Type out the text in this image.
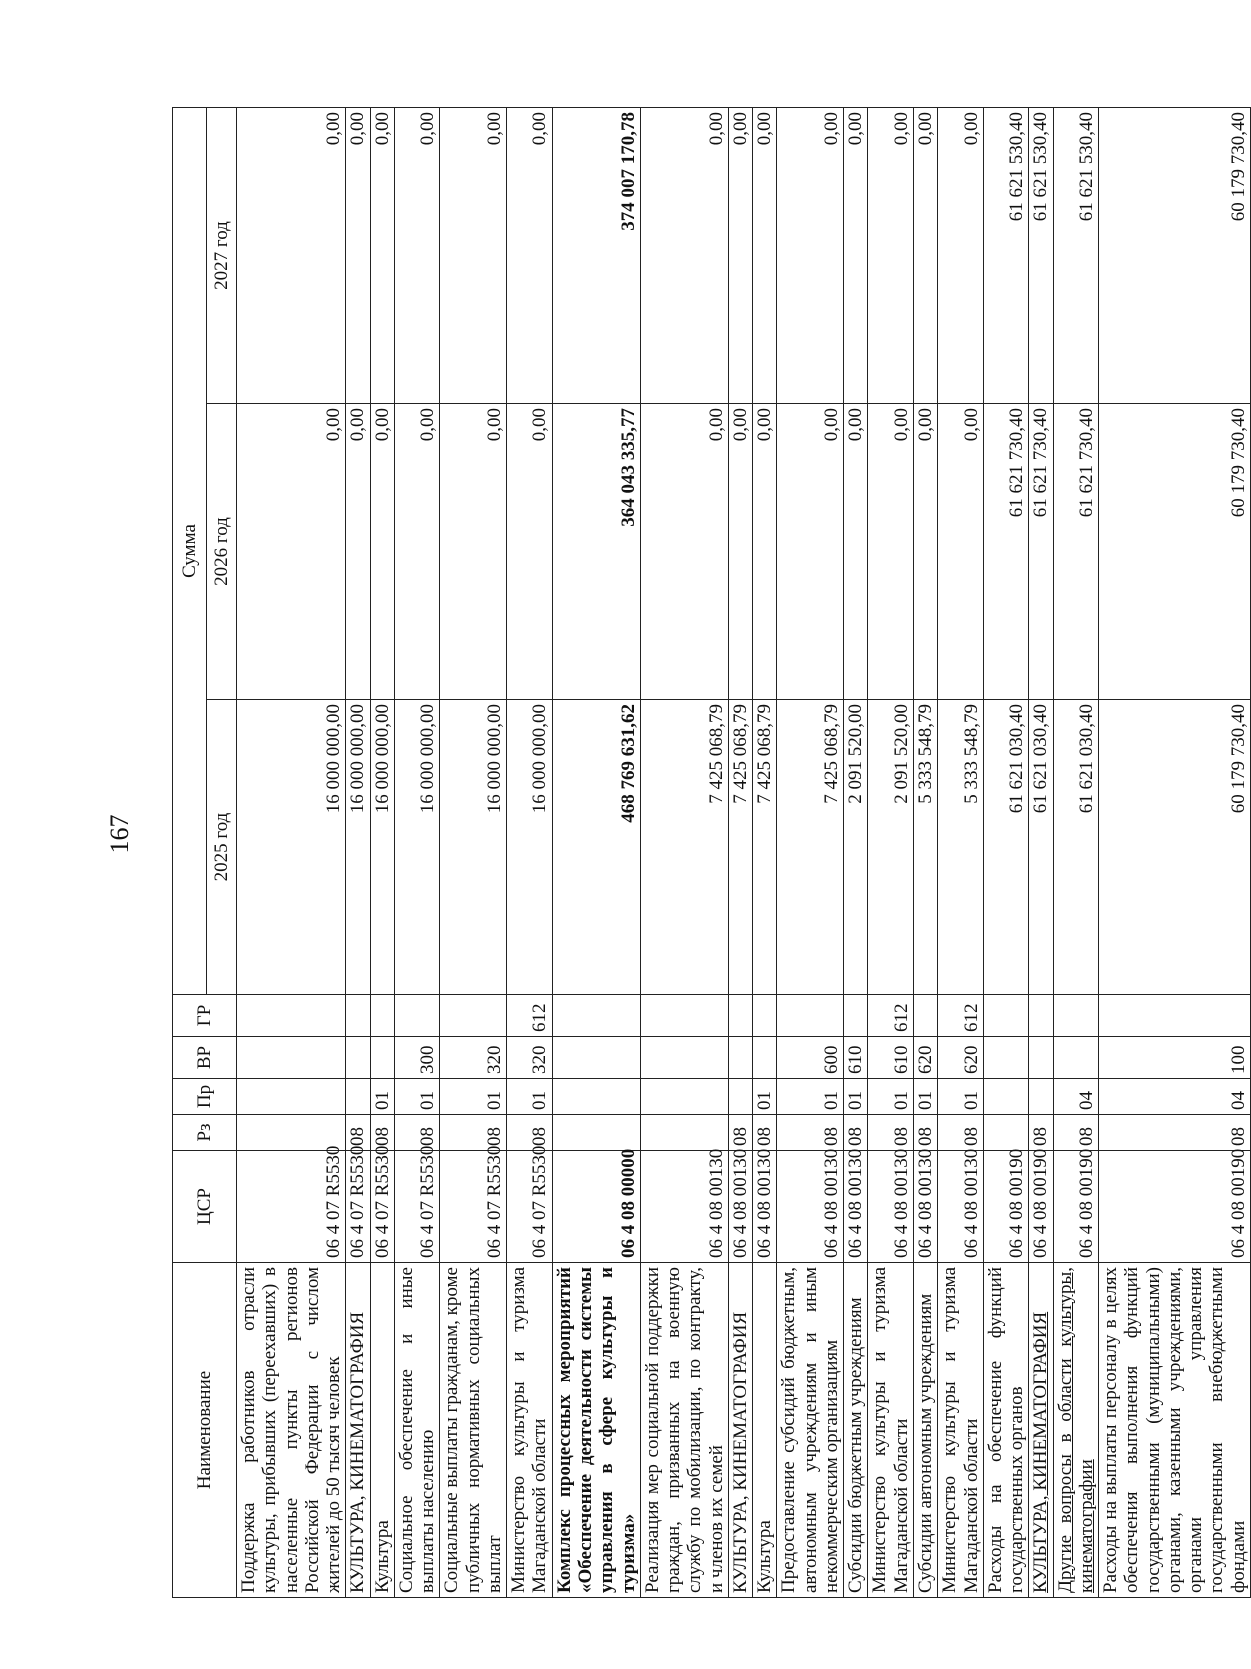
167
Наименование	ЦСР	Рз	Пр	ВР	ГР	Сумма		
						2025 год	2026 год	2027 год
Поддержка работников отрасли культуры, прибывших (переехавших) в населенные пункты регионов Российской Федерации с числом жителей до 50 тысяч человек	06 4 07 R5530					16 000 000,00	0,00	0,00
КУЛЬТУРА, КИНЕМАТОГРАФИЯ	06 4 07 R5530	08				16 000 000,00	0,00	0,00
Культура	06 4 07 R5530	08	01			16 000 000,00	0,00	0,00
Социальное обеспечение и иные выплаты населению	06 4 07 R5530	08	01	300		16 000 000,00	0,00	0,00
Социальные выплаты гражданам, кроме публичных нормативных социальных выплат	06 4 07 R5530	08	01	320		16 000 000,00	0,00	0,00
Министерство культуры и туризма Магаданской области	06 4 07 R5530	08	01	320	612	16 000 000,00	0,00	0,00
Комплекс процессных мероприятий «Обеспечение деятельности системы управления в сфере культуры и туризма»	06 4 08 00000					468 769 631,62	364 043 335,77	374 007 170,78
Реализация мер социальной поддержки граждан, призванных на военную службу по мобилизации, по контракту, и членов их семей	06 4 08 00130					7 425 068,79	0,00	0,00
КУЛЬТУРА, КИНЕМАТОГРАФИЯ	06 4 08 00130	08				7 425 068,79	0,00	0,00
Культура	06 4 08 00130	08	01			7 425 068,79	0,00	0,00
Предоставление субсидий бюджетным, автономным учреждениям и иным некоммерческим организациям	06 4 08 00130	08	01	600		7 425 068,79	0,00	0,00
Субсидии бюджетным учреждениям	06 4 08 00130	08	01	610		2 091 520,00	0,00	0,00
Министерство культуры и туризма Магаданской области	06 4 08 00130	08	01	610	612	2 091 520,00	0,00	0,00
Субсидии автономным учреждениям	06 4 08 00130	08	01	620		5 333 548,79	0,00	0,00
Министерство культуры и туризма Магаданской области	06 4 08 00130	08	01	620	612	5 333 548,79	0,00	0,00
Расходы на обеспечение функций государственных органов	06 4 08 00190					61 621 030,40	61 621 730,40	61 621 530,40
КУЛЬТУРА, КИНЕМАТОГРАФИЯ	06 4 08 00190	08				61 621 030,40	61 621 730,40	61 621 530,40
Другие вопросы в области культуры, кинематографии	06 4 08 00190	08	04			61 621 030,40	61 621 730,40	61 621 530,40
Расходы на выплаты персоналу в целях обеспечения выполнения функций государственными (муниципальными) органами, казенными учреждениями, органами управления государственными внебюджетными фондами	06 4 08 00190	08	04	100		60 179 730,40	60 179 730,40	60 179 730,40
